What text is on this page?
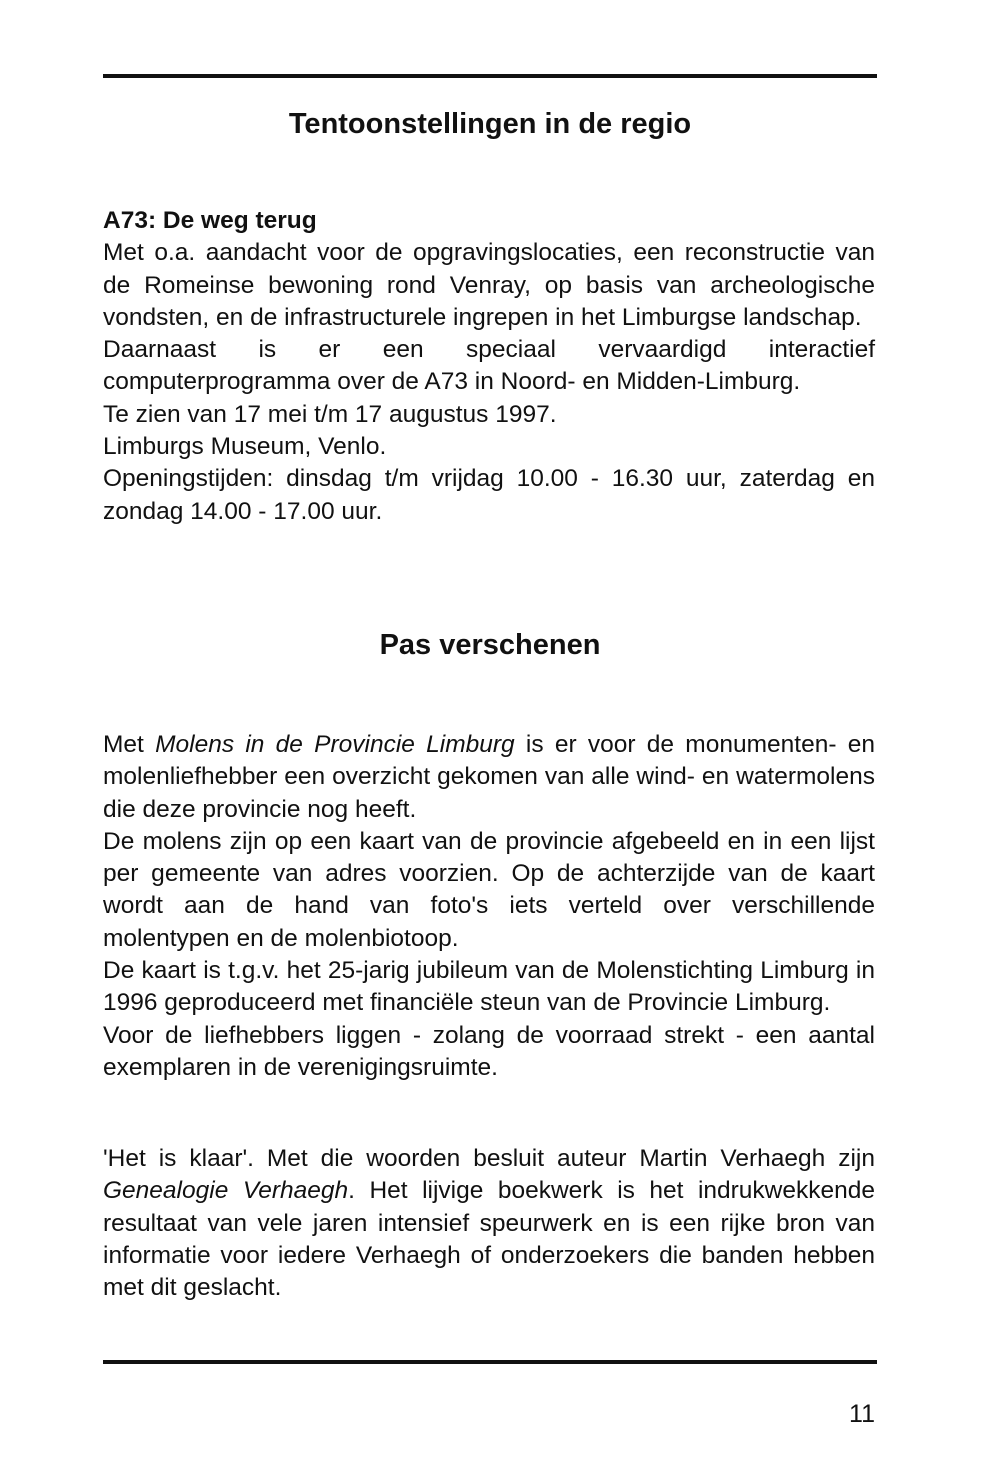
Tentoonstellingen in de regio

A73: De weg terug

Met o.a. aandacht voor de opgravingslocaties, een reconstructie van de Romeinse bewoning rond Venray, op basis van archeologische vondsten, en de infrastructurele ingrepen in het Limburgse landschap.

Daarnaast is er een speciaal vervaardigd interactief computerprogramma over de A73 in Noord- en Midden-Limburg.

Te zien van 17 mei t/m 17 augustus 1997.

Limburgs Museum, Venlo.

Openingstijden: dinsdag t/m vrijdag 10.00 - 16.30 uur, zaterdag en zondag 14.00 - 17.00 uur.

Pas verschenen

Met Molens in de Provincie Limburg is er voor de monumenten- en molenliefhebber een overzicht gekomen van alle wind- en watermolens die deze provincie nog heeft.

De molens zijn op een kaart van de provincie afgebeeld en in een lijst per gemeente van adres voorzien. Op de achterzijde van de kaart wordt aan de hand van foto's iets verteld over verschillende molentypen en de molenbiotoop.

De kaart is t.g.v. het 25-jarig jubileum van de Molenstichting Limburg in 1996 geproduceerd met financiële steun van de Provincie Limburg.

Voor de liefhebbers liggen - zolang de voorraad strekt - een aantal exemplaren in de verenigingsruimte.

'Het is klaar'. Met die woorden besluit auteur Martin Verhaegh zijn Genealogie Verhaegh. Het lijvige boekwerk is het indrukwekkende resultaat van vele jaren intensief speurwerk en is een rijke bron van informatie voor iedere Verhaegh of onderzoekers die banden hebben met dit geslacht.

11
